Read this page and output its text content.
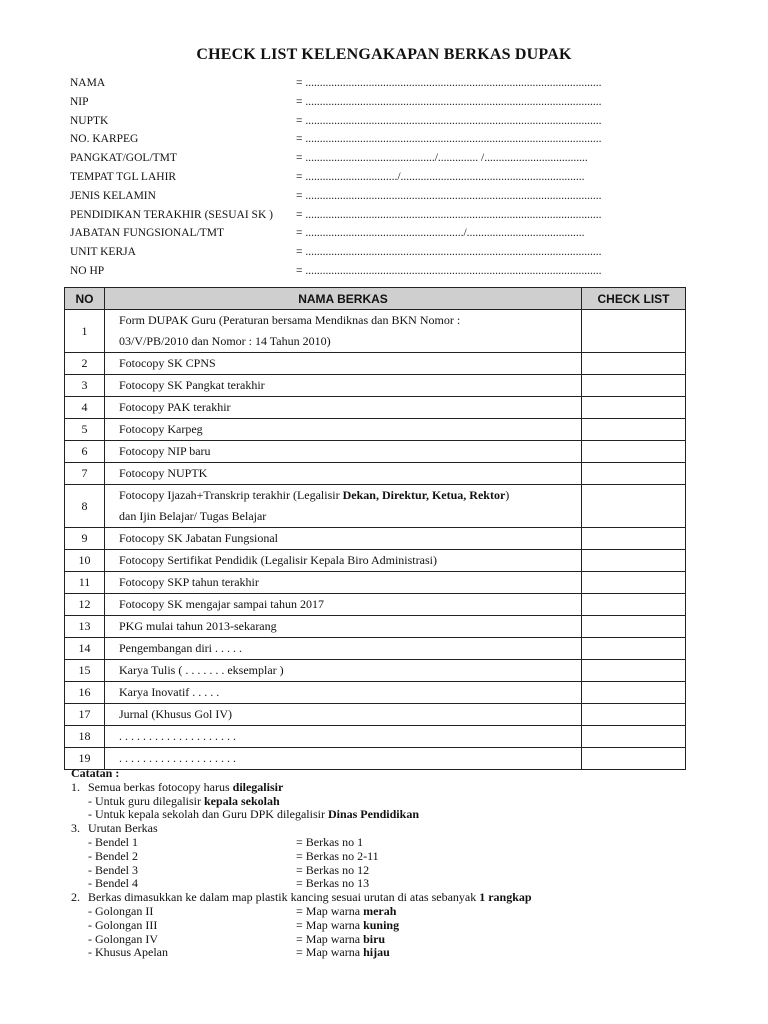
CHECK LIST KELENGAKAPAN BERKAS DUPAK
NAMA	= .......................................................................................................
NIP	= .......................................................................................................
NUPTK	= .......................................................................................................
NO. KARPEG	= .......................................................................................................
PANGKAT/GOL/TMT	= ............................................./.............. /....................................
TEMPAT TGL LAHIR	= ................................/................................................................
JENIS KELAMIN	= .......................................................................................................
PENDIDIKAN TERAKHIR (SESUAI SK ) = .......................................................................................................
JABATAN FUNGSIONAL/TMT	= ......................................................./.........................................
UNIT KERJA	= .......................................................................................................
NO HP	= .......................................................................................................
NO	NAMA BERKAS	CHECK LIST
1	Form DUPAK Guru (Peraturan bersama Mendiknas dan BKN Nomor :
03/V/PB/2010 dan Nomor : 14 Tahun 2010)	

2	Fotocopy SK CPNS	
3	Fotocopy SK Pangkat terakhir	
4	Fotocopy PAK terakhir	
5	Fotocopy Karpeg	
6	Fotocopy NIP baru	
7	Fotocopy NUPTK	
8	Fotocopy Ijazah+Transkrip terakhir (Legalisir Dekan, Direktur, Ketua, Rektor)
dan Ijin Belajar/ Tugas Belajar	

9	Fotocopy SK Jabatan Fungsional	
10	Fotocopy Sertifikat Pendidik (Legalisir Kepala Biro Administrasi)	
11	Fotocopy SKP tahun terakhir	
12	Fotocopy SK mengajar sampai tahun 2017	
13	PKG mulai tahun 2013-sekarang	
14	Pengembangan diri . . . . .	
15	Karya Tulis ( . . . . . . . eksemplar )	
16	Karya Inovatif . . . . .	
17	Jurnal (Khusus Gol IV)	
18	. . . . . . . . . . . . . . . . . . . .	
19	. . . . . . . . . . . . . . . . . . . .	
Catatan :
1. Semua berkas fotocopy harus dilegalisir
- Untuk guru dilegalisir kepala sekolah
- Untuk kepala sekolah dan Guru DPK dilegalisir Dinas Pendidikan
3. Urutan Berkas
- Bendel 1	= Berkas no 1
- Bendel 2	= Berkas no 2-11
- Bendel 3	= Berkas no 12
- Bendel 4	= Berkas no 13
2. Berkas dimasukkan ke dalam map plastik kancing sesuai urutan di atas sebanyak 1 rangkap
- Golongan II	= Map warna merah
- Golongan III	= Map warna kuning
- Golongan IV	= Map warna biru
- Khusus Apelan	= Map warna hijau
